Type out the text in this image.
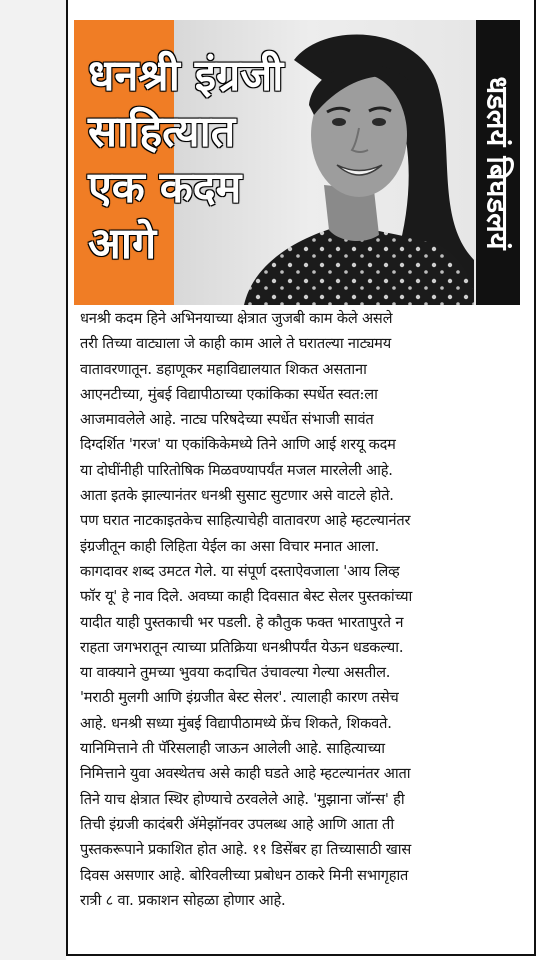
धनश्री इंग्रजी
साहित्यात
एक कदम
आगे	धडलयं बिघडलयं
धनश्री कदम हिने अभिनयाच्या क्षेत्रात जुजबी काम केले असले
तरी तिच्या वाट्याला जे काही काम आले ते घरातल्या नाट्यमय
वातावरणातून. डहाणूकर महाविद्यालयात शिकत असताना
आएनटीच्या, मुंबई विद्यापीठाच्या एकांकिका स्पर्धेत स्वत:ला
आजमावलेले आहे. नाट्य परिषदेच्या स्पर्धेत संभाजी सावंत
दिग्दर्शित 'गरज' या एकांकिकेमध्ये तिने आणि आई शरयू कदम
या दोघींनीही पारितोषिक मिळवण्यापर्यंत मजल मारलेली आहे.
आता इतके झाल्यानंतर धनश्री सुसाट सुटणार असे वाटले होते.
पण घरात नाटकाइतकेच साहित्याचेही वातावरण आहे म्हटल्यानंतर
इंग्रजीतून काही लिहिता येईल का असा विचार मनात आला.
कागदावर शब्द उमटत गेले. या संपूर्ण दस्ताऐवजाला 'आय लिव्ह
फॉर यू' हे नाव दिले. अवघ्या काही दिवसात बेस्ट सेलर पुस्तकांच्या
यादीत याही पुस्तकाची भर पडली. हे कौतुक फक्त भारतापुरते न
राहता जगभरातून त्याच्या प्रतिक्रिया धनश्रीपर्यंत येऊन धडकल्या.
या वाक्याने तुमच्या भुवया कदाचित उंचावल्या गेल्या असतील.
'मराठी मुलगी आणि इंग्रजीत बेस्ट सेलर'. त्यालाही कारण तसेच
आहे. धनश्री सध्या मुंबई विद्यापीठामध्ये फ्रेंच शिकते, शिकवते.
यानिमित्ताने ती पॅरिसलाही जाऊन आलेली आहे. साहित्याच्या
निमित्ताने युवा अवस्थेतच असे काही घडते आहे म्हटल्यानंतर आता
तिने याच क्षेत्रात स्थिर होण्याचे ठरवलेले आहे. 'मुझाना जॉन्स' ही
तिची इंग्रजी कादंबरी ॲमेझॉनवर उपलब्ध आहे आणि आता ती
पुस्तकरूपाने प्रकाशित होत आहे. ११ डिसेंबर हा तिच्यासाठी खास
दिवस असणार आहे. बोरिवलीच्या प्रबोधन ठाकरे मिनी सभागृहात
रात्री ८ वा. प्रकाशन सोहळा होणार आहे.
